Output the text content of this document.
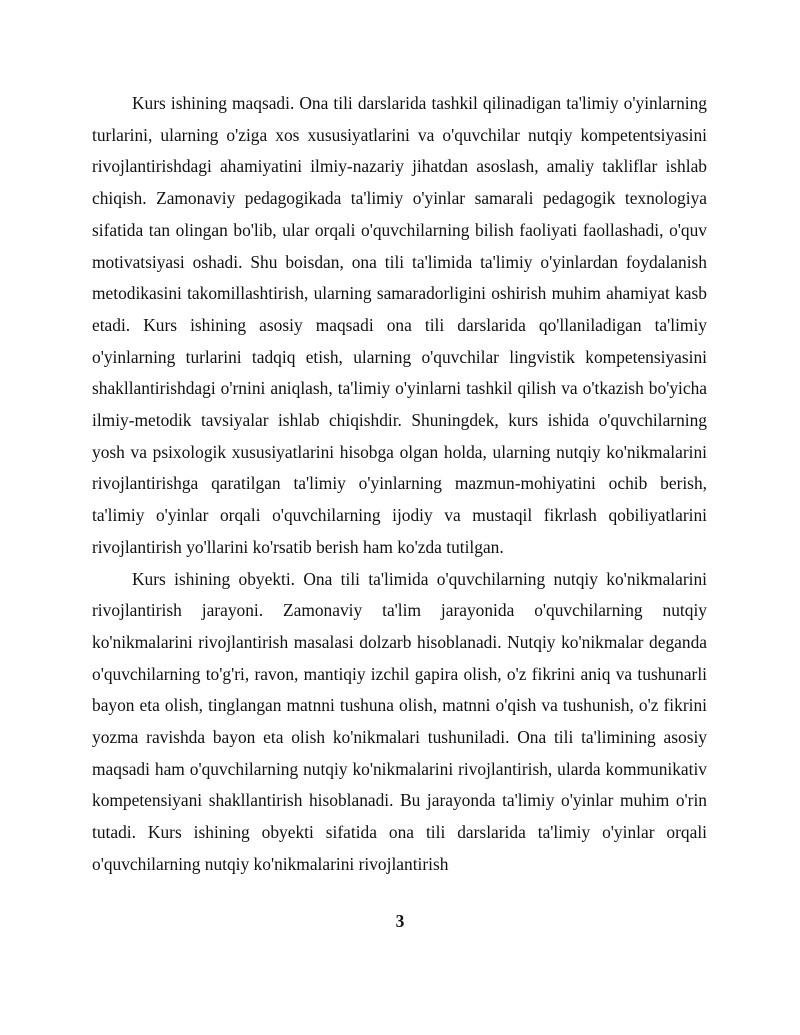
Kurs ishining maqsadi. Ona tili darslarida tashkil qilinadigan ta'limiy o'yinlarning turlarini, ularning o'ziga xos xususiyatlarini va o'quvchilar nutqiy kompetentsiyasini rivojlantirishdagi ahamiyatini ilmiy-nazariy jihatdan asoslash, amaliy takliflar ishlab chiqish. Zamonaviy pedagogikada ta'limiy o'yinlar samarali pedagogik texnologiya sifatida tan olingan bo'lib, ular orqali o'quvchilarning bilish faoliyati faollashadi, o'quv motivatsiyasi oshadi. Shu boisdan, ona tili ta'limida ta'limiy o'yinlardan foydalanish metodikasini takomillashtirish, ularning samaradorligini oshirish muhim ahamiyat kasb etadi. Kurs ishining asosiy maqsadi ona tili darslarida qo'llaniladigan ta'limiy o'yinlarning turlarini tadqiq etish, ularning o'quvchilar lingvistik kompetensiyasini shakllantirishdagi o'rnini aniqlash, ta'limiy o'yinlarni tashkil qilish va o'tkazish bo'yicha ilmiy-metodik tavsiyalar ishlab chiqishdir. Shuningdek, kurs ishida o'quvchilarning yosh va psixologik xususiyatlarini hisobga olgan holda, ularning nutqiy ko'nikmalarini rivojlantirishga qaratilgan ta'limiy o'yinlarning mazmun-mohiyatini ochib berish, ta'limiy o'yinlar orqali o'quvchilarning ijodiy va mustaqil fikrlash qobiliyatlarini rivojlantirish yo'llarini ko'rsatib berish ham ko'zda tutilgan.

Kurs ishining obyekti. Ona tili ta'limida o'quvchilarning nutqiy ko'nikmalarini rivojlantirish jarayoni. Zamonaviy ta'lim jarayonida o'quvchilarning nutqiy ko'nikmalarini rivojlantirish masalasi dolzarb hisoblanadi. Nutqiy ko'nikmalar deganda o'quvchilarning to'g'ri, ravon, mantiqiy izchil gapira olish, o'z fikrini aniq va tushunarli bayon eta olish, tinglangan matnni tushuna olish, matnni o'qish va tushunish, o'z fikrini yozma ravishda bayon eta olish ko'nikmalari tushuniladi. Ona tili ta'limining asosiy maqsadi ham o'quvchilarning nutqiy ko'nikmalarini rivojlantirish, ularda kommunikativ kompetensiyani shakllantirish hisoblanadi. Bu jarayonda ta'limiy o'yinlar muhim o'rin tutadi. Kurs ishining obyekti sifatida ona tili darslarida ta'limiy o'yinlar orqali o'quvchilarning nutqiy ko'nikmalarini rivojlantirish

3
